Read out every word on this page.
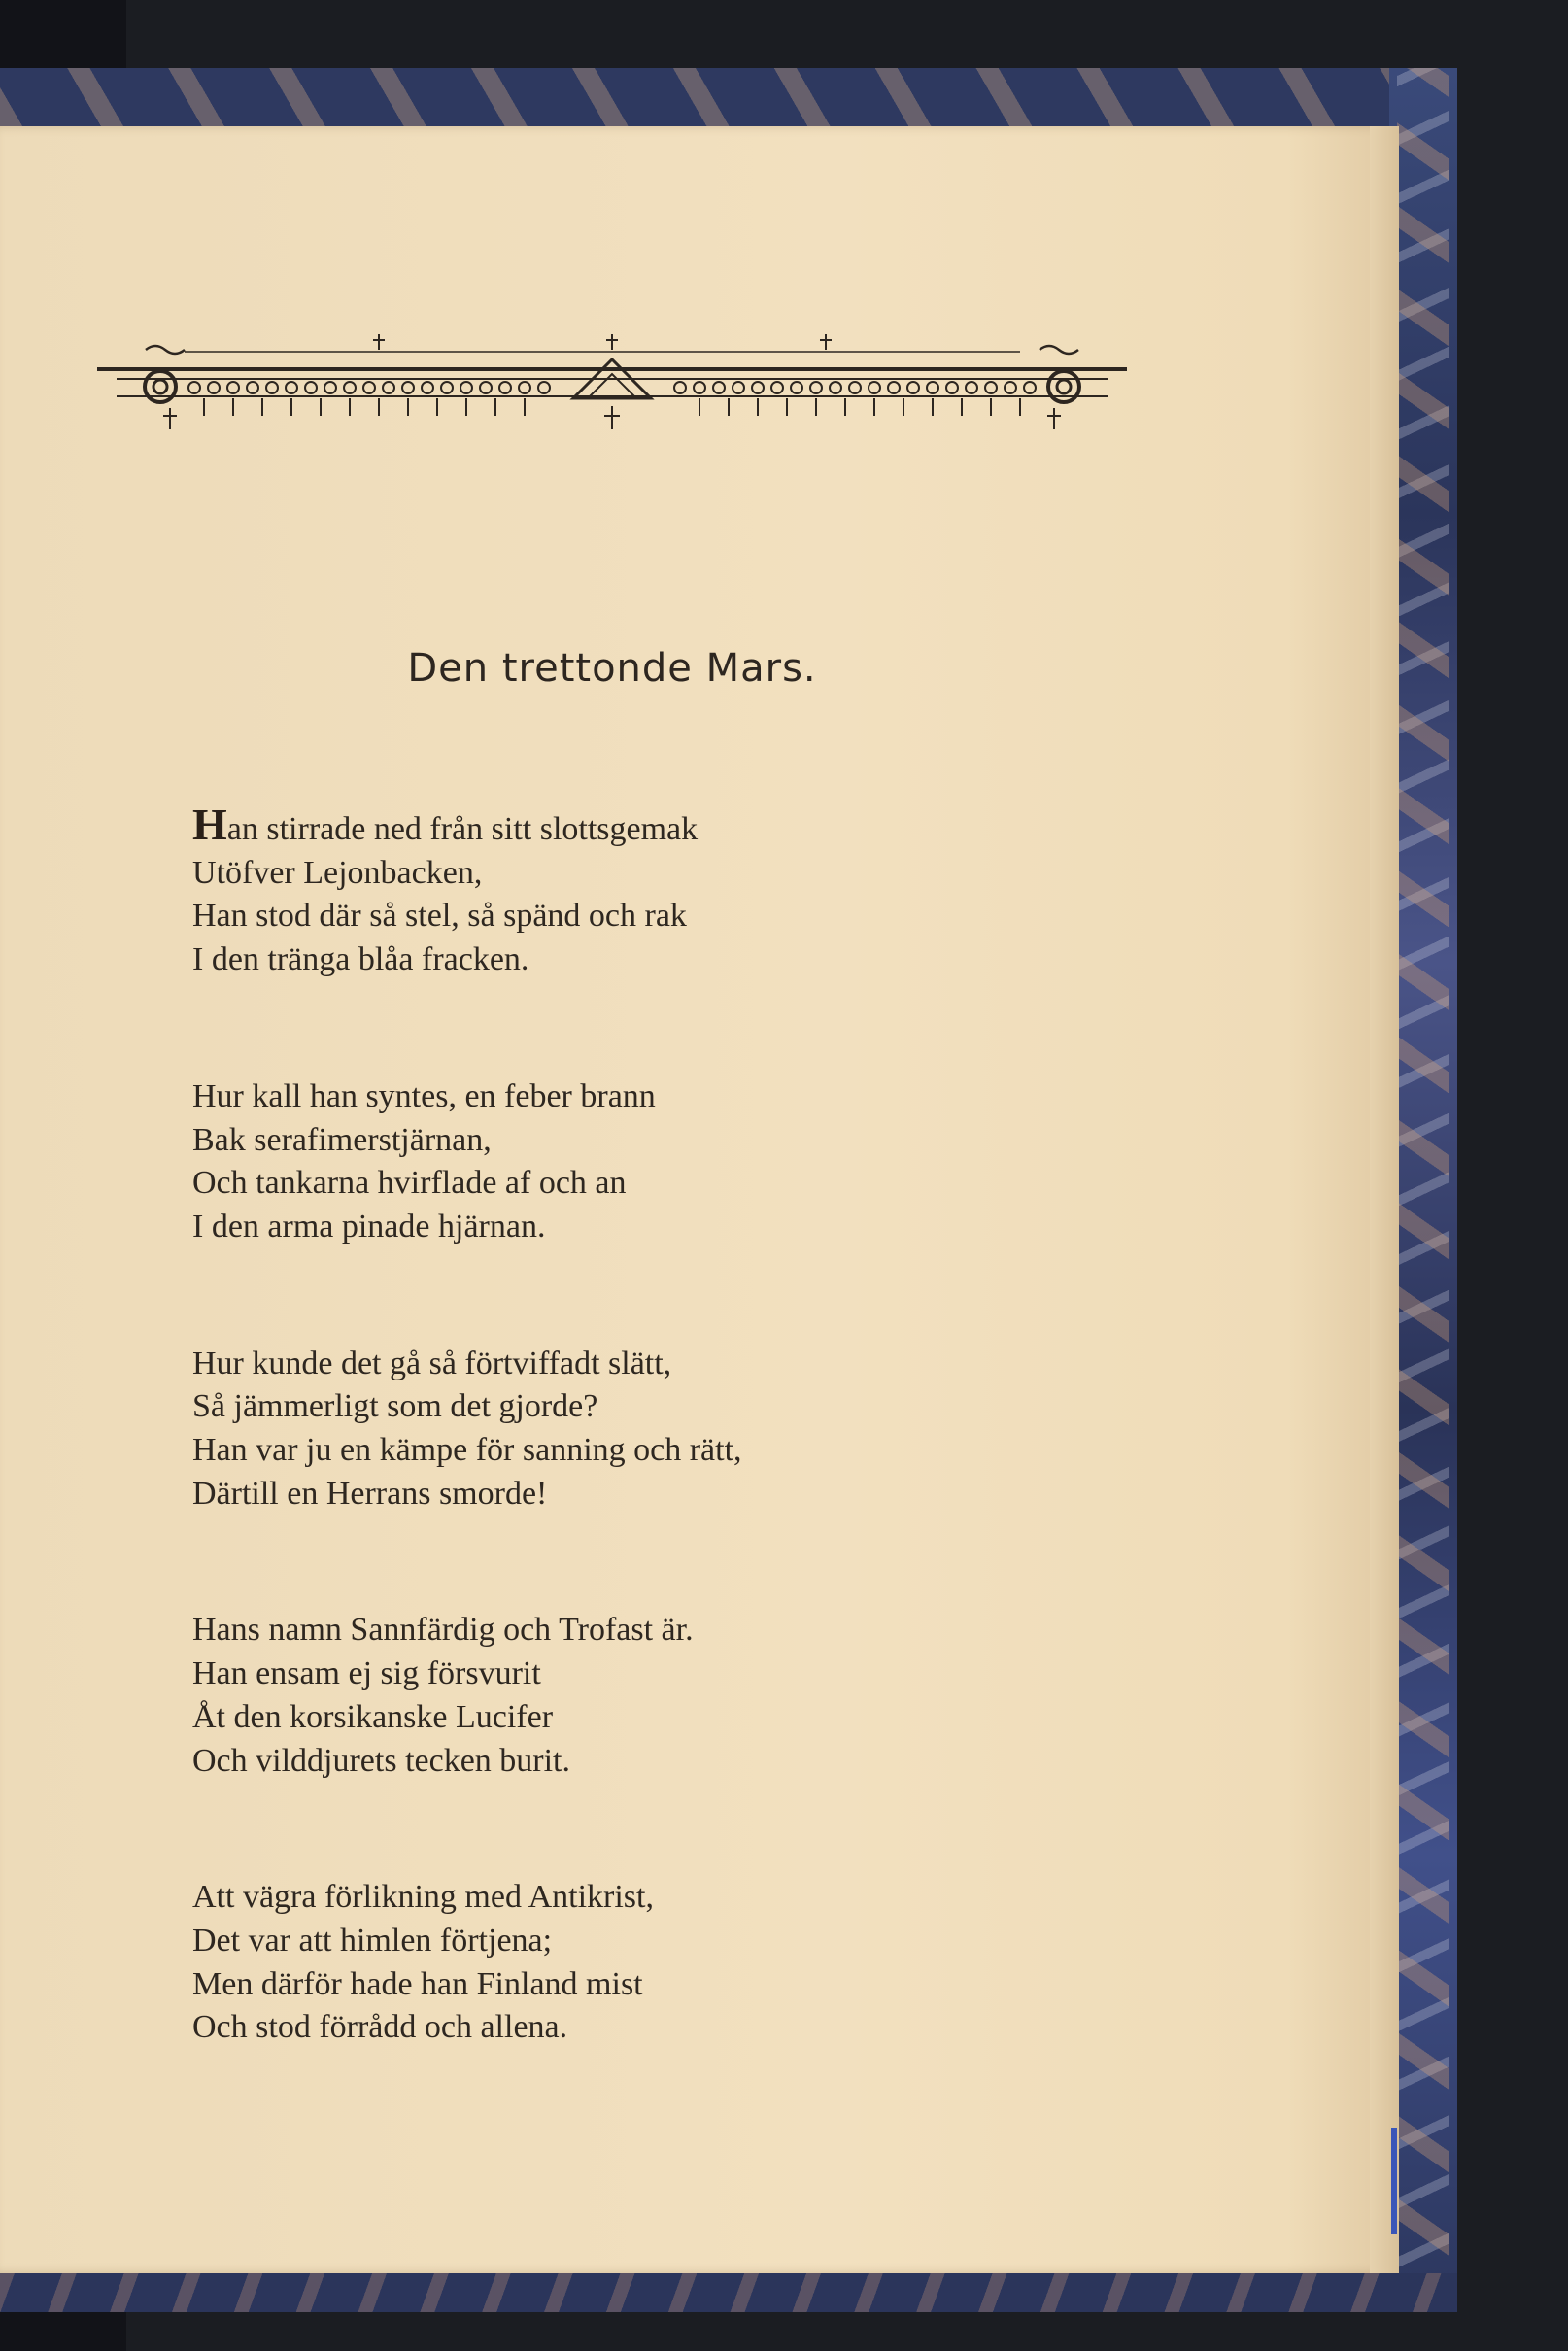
Den trettonde Mars.
Han stirrade ned från sitt slottsgemak
Utöfver Lejonbacken,
Han stod där så stel, så spänd och rak
I den tränga blåa fracken.
Hur kall han syntes, en feber brann
Bak serafimerstjärnan,
Och tankarna hvirflade af och an
I den arma pinade hjärnan.
Hur kunde det gå så förtviffadt slätt,
Så jämmerligt som det gjorde?
Han var ju en kämpe för sanning och rätt,
Därtill en Herrans smorde!
Hans namn Sannfärdig och Trofast är.
Han ensam ej sig försvurit
Åt den korsikanske Lucifer
Och vilddjurets tecken burit.
Att vägra förlikning med Antikrist,
Det var att himlen förtjena;
Men därför hade han Finland mist
Och stod förrådd och allena.
